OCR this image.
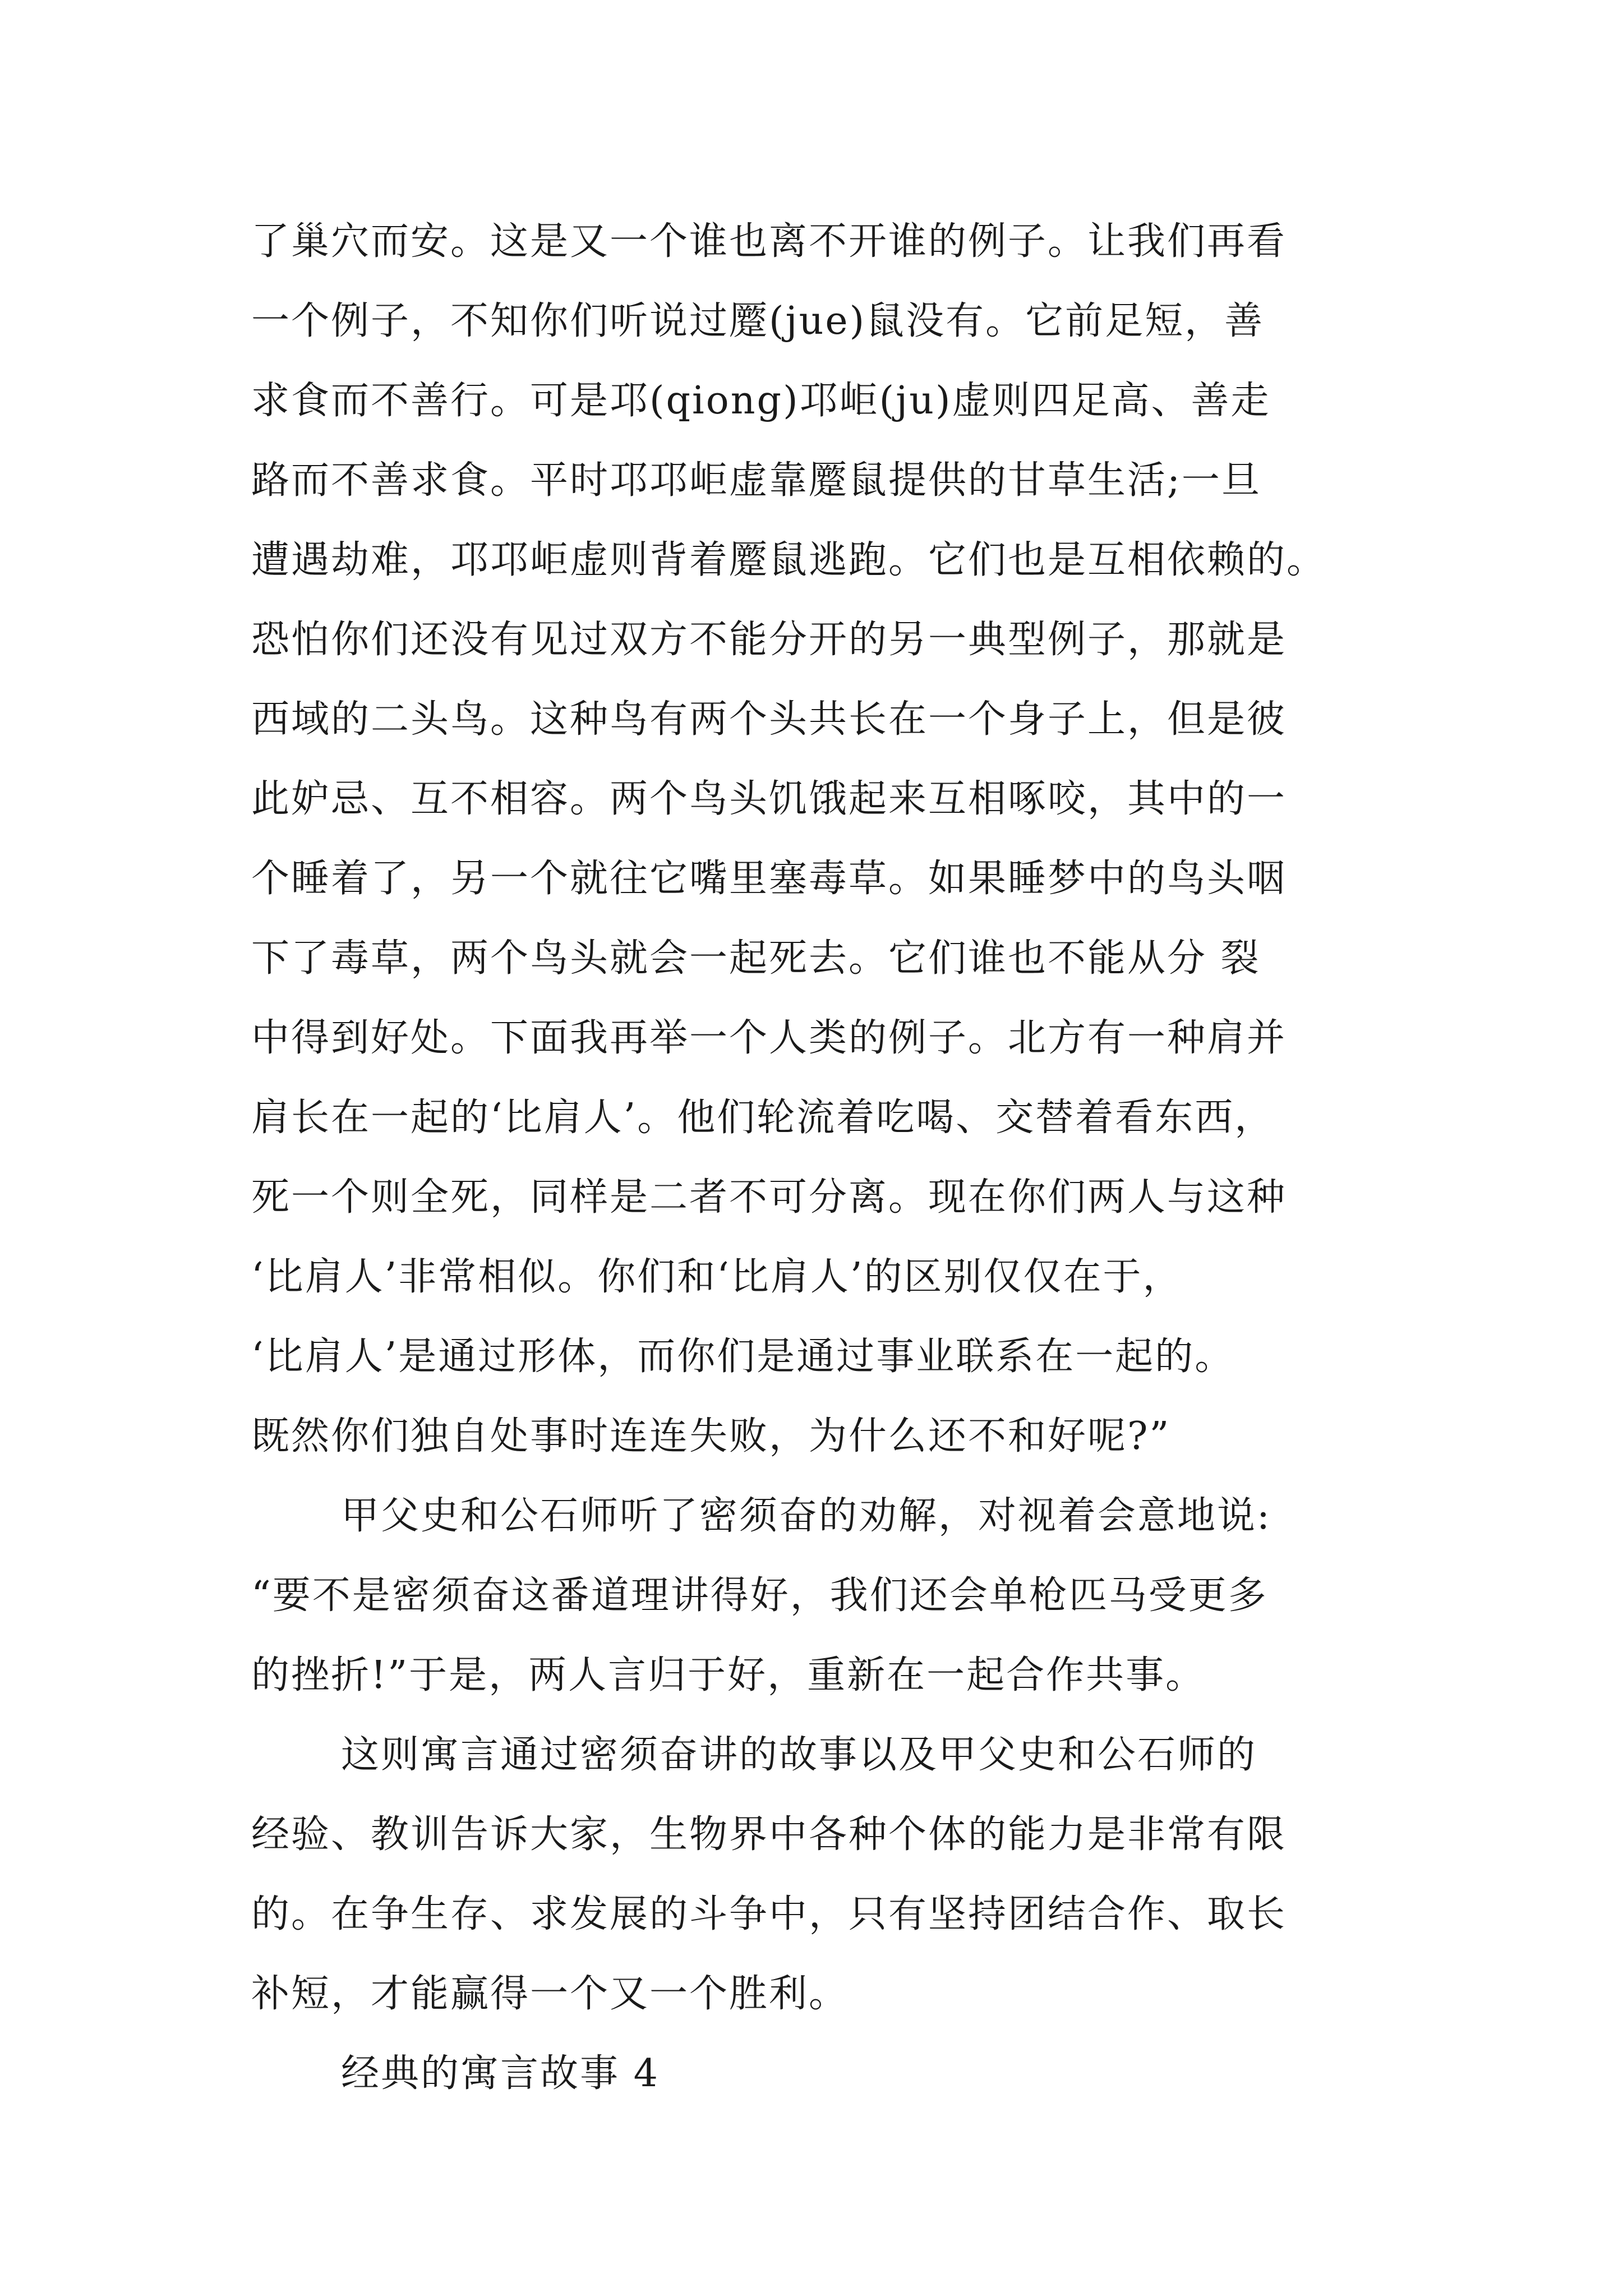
了巢穴而安。这是又一个谁也离不开谁的例子。让我们再看
一个例子，不知你们听说过蹷(jue)鼠没有。它前足短，善
求食而不善行。可是邛(qiong)邛岠(ju)虚则四足高、善走
路而不善求食。平时邛邛岠虚靠蹷鼠提供的甘草生活;一旦
遭遇劫难，邛邛岠虚则背着蹷鼠逃跑。它们也是互相依赖的。
恐怕你们还没有见过双方不能分开的另一典型例子，那就是
西域的二头鸟。这种鸟有两个头共长在一个身子上，但是彼
此妒忌、互不相容。两个鸟头饥饿起来互相啄咬，其中的一
个睡着了，另一个就往它嘴里塞毒草。如果睡梦中的鸟头咽
下了毒草，两个鸟头就会一起死去。它们谁也不能从分 裂
中得到好处。下面我再举一个人类的例子。北方有一种肩并
肩长在一起的‘比肩人’。他们轮流着吃喝、交替着看东西，
死一个则全死，同样是二者不可分离。现在你们两人与这种
‘比肩人’非常相似。你们和‘比肩人’的区别仅仅在于，
‘比肩人’是通过形体，而你们是通过事业联系在一起的。
既然你们独自处事时连连失败，为什么还不和好呢?”
甲父史和公石师听了密须奋的劝解，对视着会意地说:
“要不是密须奋这番道理讲得好，我们还会单枪匹马受更多
的挫折!”于是，两人言归于好，重新在一起合作共事。
这则寓言通过密须奋讲的故事以及甲父史和公石师的
经验、教训告诉大家，生物界中各种个体的能力是非常有限
的。在争生存、求发展的斗争中，只有坚持团结合作、取长
补短，才能赢得一个又一个胜利。
经典的寓言故事 4
